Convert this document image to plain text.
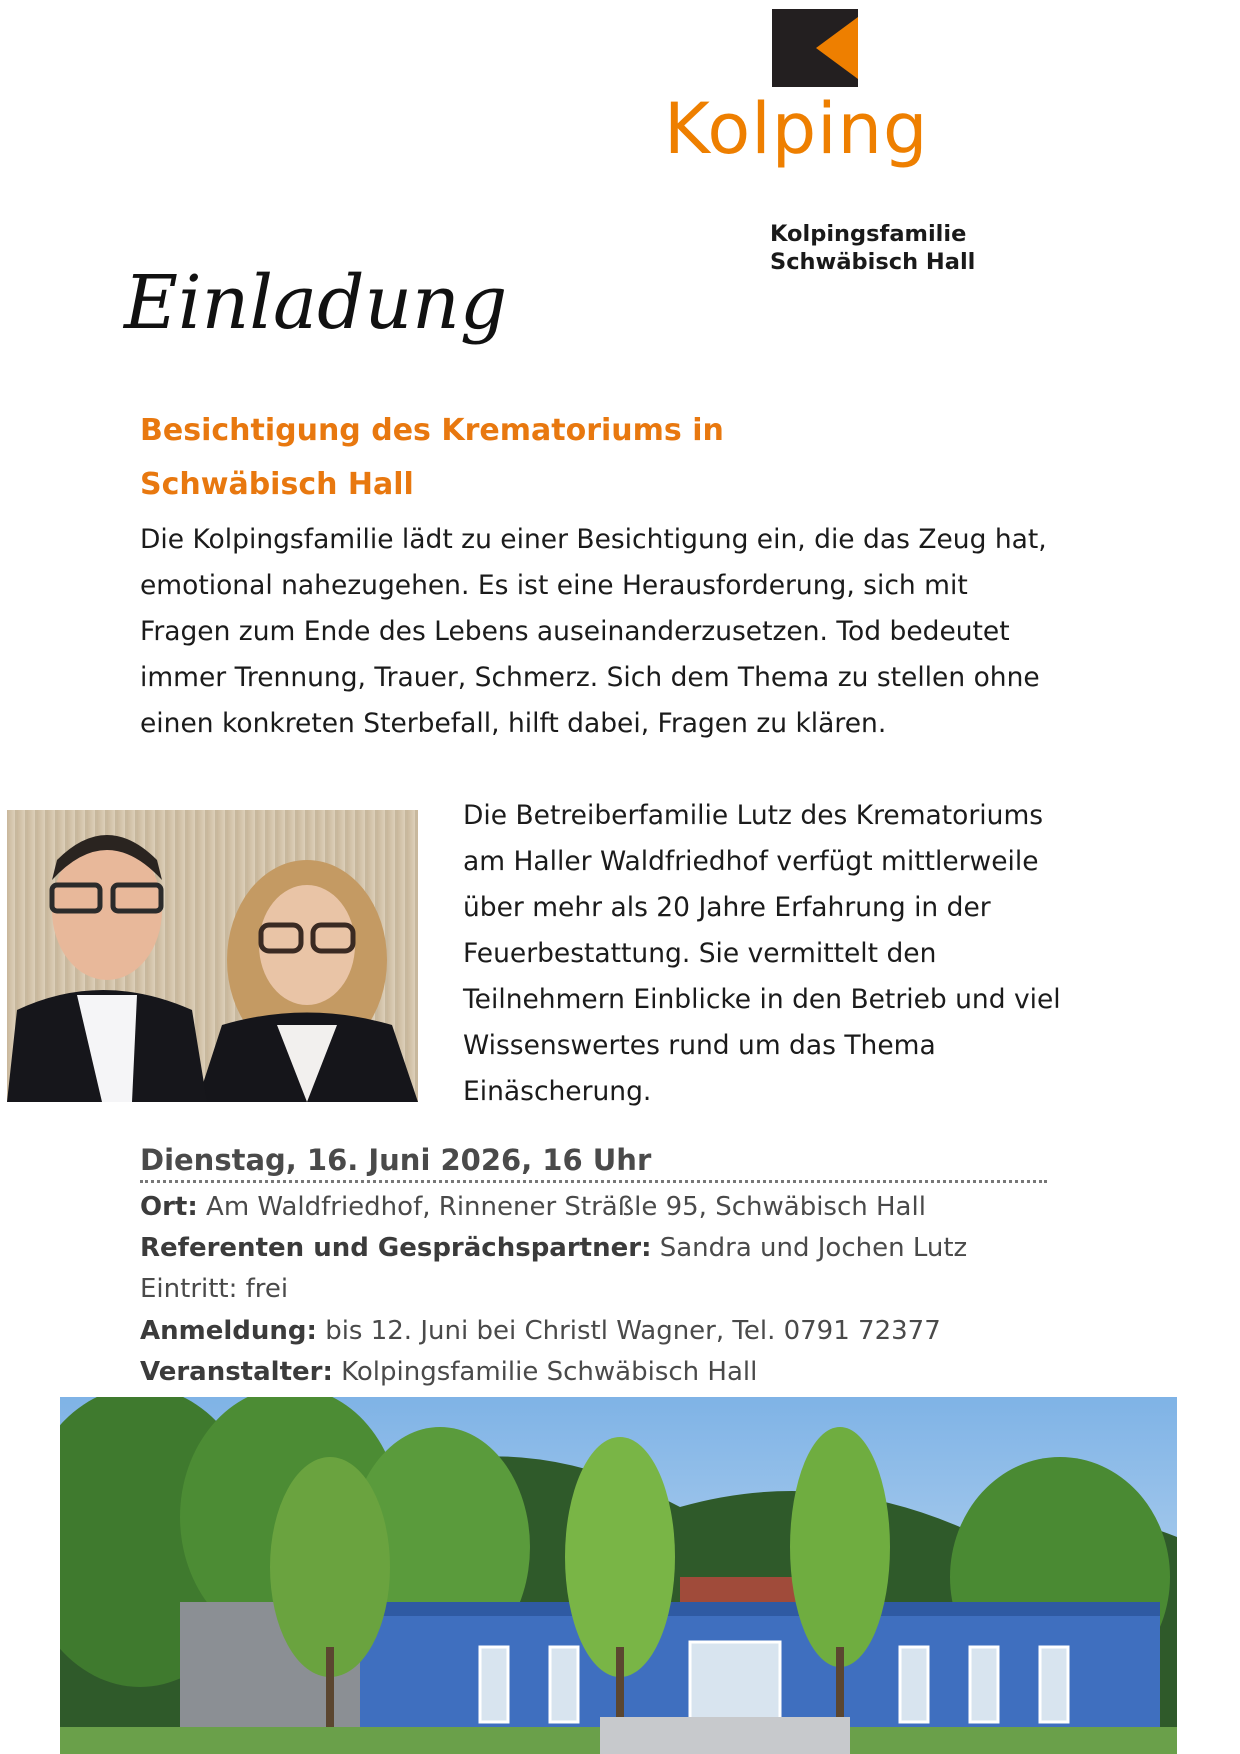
Kolping
Kolpingsfamilie
Schwäbisch Hall
Einladung
Besichtigung des Krematoriums in Schwäbisch Hall
Die Kolpingsfamilie lädt zu einer Besichtigung ein, die das Zeug hat, emotional nahezugehen. Es ist eine Herausforderung, sich mit Fragen zum Ende des Lebens auseinanderzusetzen. Tod bedeutet immer Trennung, Trauer, Schmerz. Sich dem Thema zu stellen ohne einen konkreten Sterbefall, hilft dabei, Fragen zu klären.
Die Betreiberfamilie Lutz des Krematoriums am Haller Waldfriedhof verfügt mittlerweile über mehr als 20 Jahre Erfahrung in der Feuerbestattung. Sie vermittelt den Teilnehmern Einblicke in den Betrieb und viel Wissenswertes rund um das Thema Einäscherung.
Dienstag, 16. Juni 2026, 16 Uhr
Ort: Am Waldfriedhof, Rinnener Sträßle 95, Schwäbisch Hall
Referenten und Gesprächspartner: Sandra und Jochen Lutz
Eintritt: frei
Anmeldung: bis 12. Juni bei Christl Wagner, Tel. 0791 72377
Veranstalter: Kolpingsfamilie Schwäbisch Hall
